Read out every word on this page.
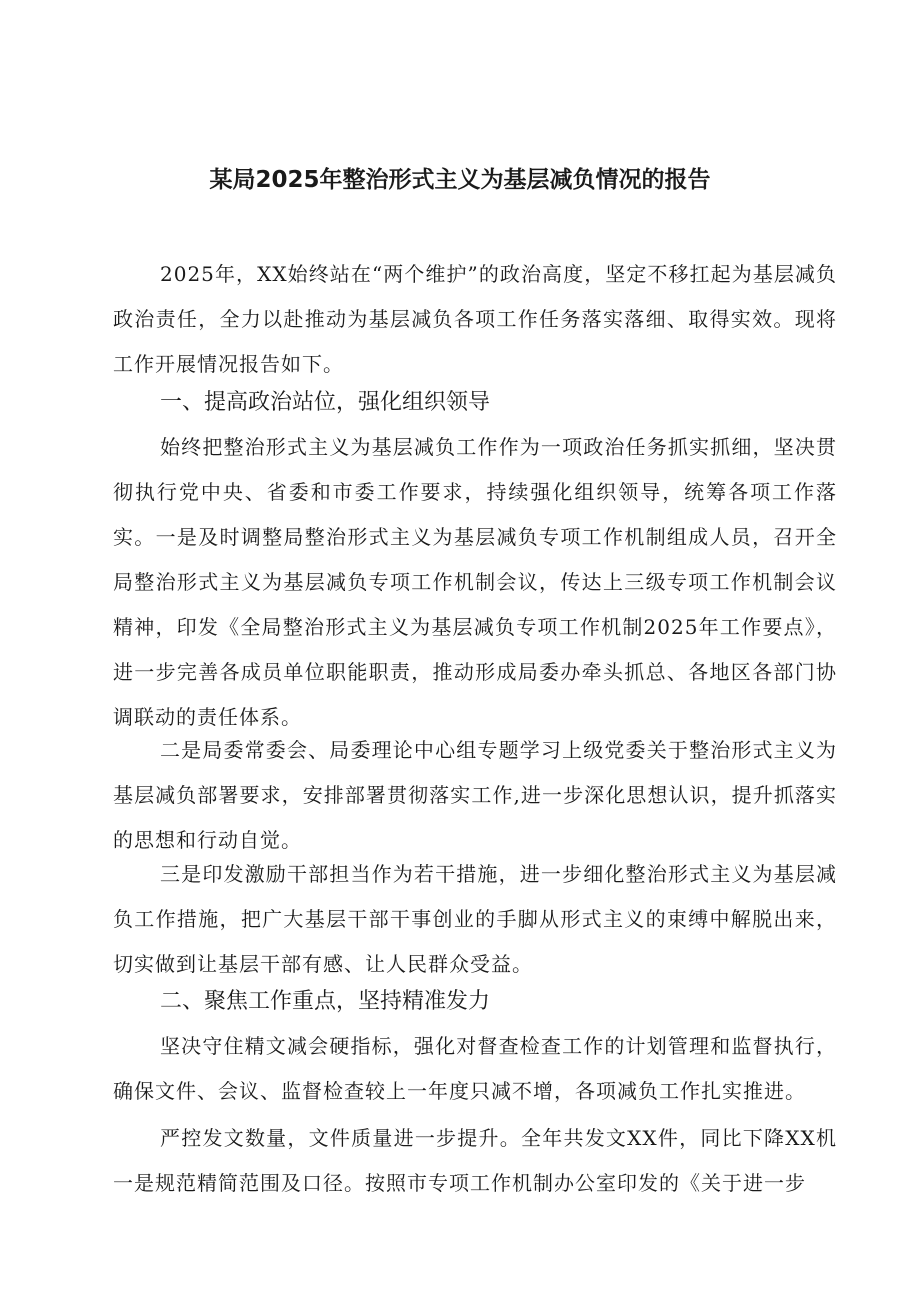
某局2025年整治形式主义为基层减负情况的报告

2025年，XX始终站在“两个维护”的政治高度，坚定不移扛起为基层减负政治责任，全力以赴推动为基层减负各项工作任务落实落细、取得实效。现将工作开展情况报告如下。

一、提高政治站位，强化组织领导

始终把整治形式主义为基层减负工作作为一项政治任务抓实抓细，坚决贯彻执行党中央、省委和市委工作要求，持续强化组织领导，统筹各项工作落实。一是及时调整局整治形式主义为基层减负专项工作机制组成人员，召开全局整治形式主义为基层减负专项工作机制会议，传达上三级专项工作机制会议精神，印发《全局整治形式主义为基层减负专项工作机制2025年工作要点》，进一步完善各成员单位职能职责，推动形成局委办牵头抓总、各地区各部门协调联动的责任体系。

二是局委常委会、局委理论中心组专题学习上级党委关于整治形式主义为基层减负部署要求，安排部署贯彻落实工作,进一步深化思想认识，提升抓落实的思想和行动自觉。

三是印发激励干部担当作为若干措施，进一步细化整治形式主义为基层减负工作措施，把广大基层干部干事创业的手脚从形式主义的束缚中解脱出来，切实做到让基层干部有感、让人民群众受益。

二、聚焦工作重点，坚持精准发力

坚决守住精文减会硬指标，强化对督查检查工作的计划管理和监督执行，确保文件、会议、监督检查较上一年度只减不增，各项减负工作扎实推进。

严控发文数量，文件质量进一步提升。全年共发文XX件，同比下降XX机一是规范精简范围及口径。按照市专项工作机制办公室印发的《关于进一步
